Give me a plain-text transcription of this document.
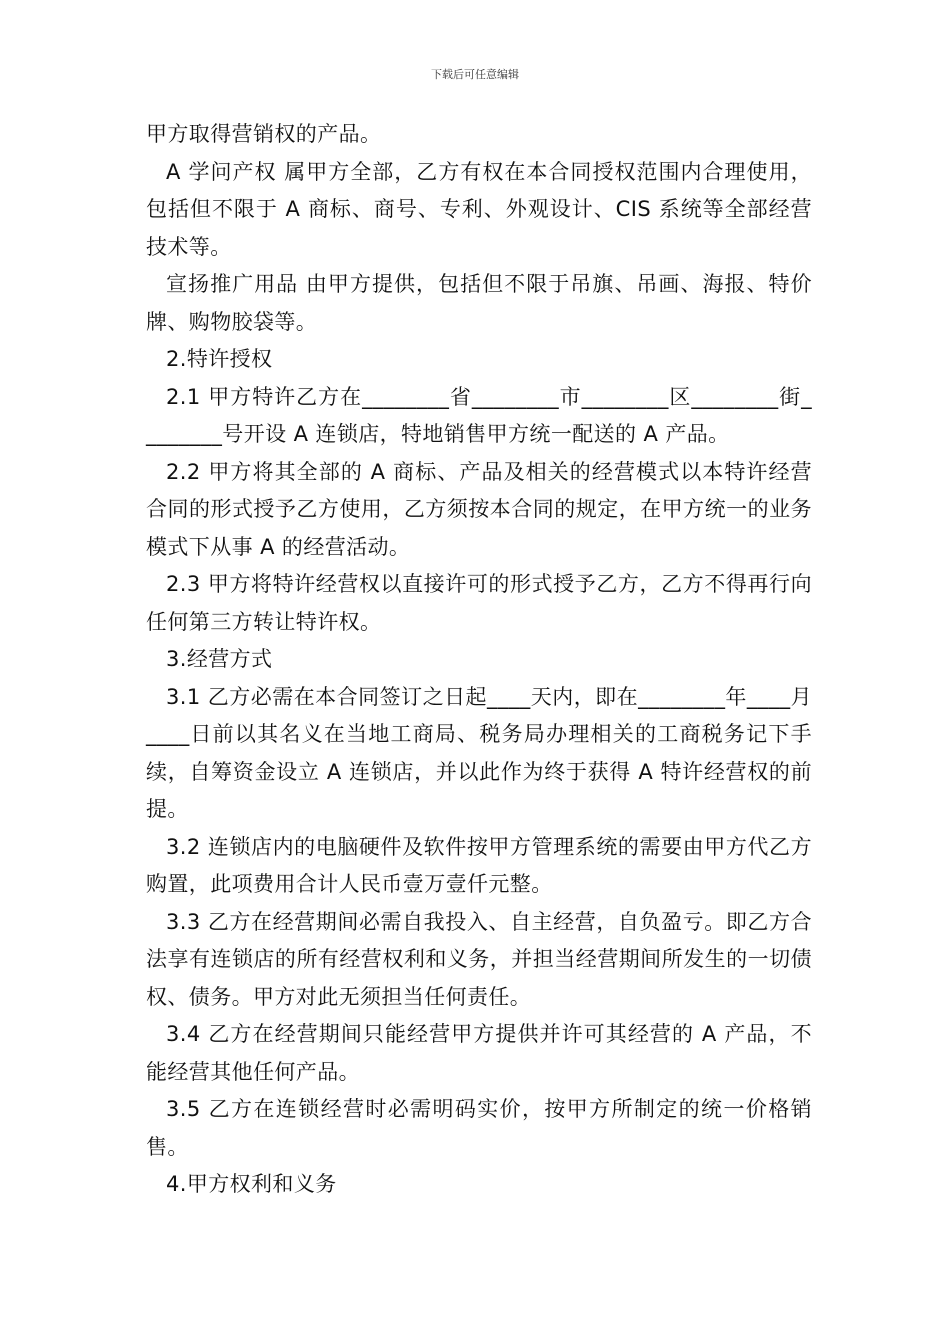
下载后可任意编辑

甲方取得营销权的产品。

A 学问产权 属甲方全部，乙方有权在本合同授权范围内合理使用，包括但不限于 A 商标、商号、专利、外观设计、CIS 系统等全部经营技术等。

宣扬推广用品 由甲方提供，包括但不限于吊旗、吊画、海报、特价牌、购物胶袋等。

2.特许授权

2.1 甲方特许乙方在________省________市________区________街________号开设 A 连锁店，特地销售甲方统一配送的 A 产品。

2.2 甲方将其全部的 A 商标、产品及相关的经营模式以本特许经营合同的形式授予乙方使用，乙方须按本合同的规定，在甲方统一的业务模式下从事 A 的经营活动。

2.3 甲方将特许经营权以直接许可的形式授予乙方，乙方不得再行向任何第三方转让特许权。

3.经营方式

3.1 乙方必需在本合同签订之日起____天内，即在________年____月____日前以其名义在当地工商局、税务局办理相关的工商税务记下手续，自筹资金设立 A 连锁店，并以此作为终于获得 A 特许经营权的前提。

3.2 连锁店内的电脑硬件及软件按甲方管理系统的需要由甲方代乙方购置，此项费用合计人民币壹万壹仟元整。

3.3 乙方在经营期间必需自我投入、自主经营，自负盈亏。即乙方合法享有连锁店的所有经营权利和义务，并担当经营期间所发生的一切债权、债务。甲方对此无须担当任何责任。

3.4 乙方在经营期间只能经营甲方提供并许可其经营的 A 产品，不能经营其他任何产品。

3.5 乙方在连锁经营时必需明码实价，按甲方所制定的统一价格销售。

4.甲方权利和义务
